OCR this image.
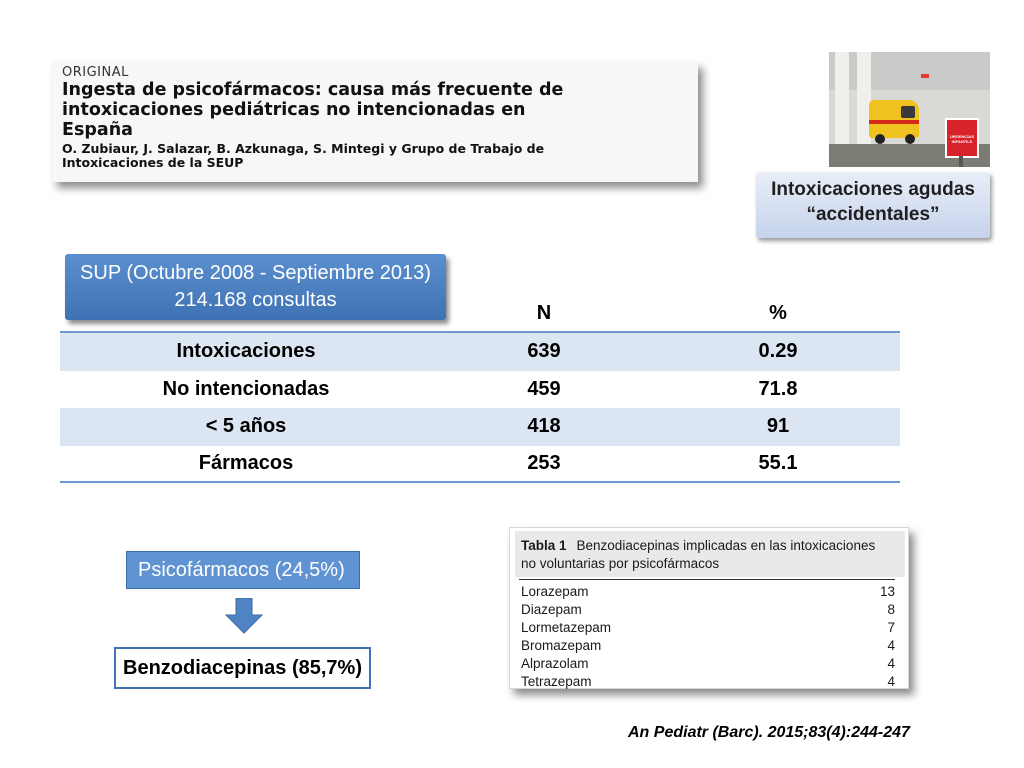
ORIGINAL
Ingesta de psicofármacos: causa más frecuente de
intoxicaciones pediátricas no intencionadas en
España
O. Zubiaur, J. Salazar, B. Azkunaga, S. Mintegi y Grupo de Trabajo de
Intoxicaciones de la SEUP
URGENCIAS INFANTILS
Intoxicaciones agudas
“accidentales”
N	%
Intoxicaciones	639	0.29
No intencionadas	459	71.8
< 5 años	418	91
Fármacos	253	55.1
SUP (Octubre 2008 - Septiembre 2013)
214.168 consultas
Psicofármacos (24,5%)
Benzodiacepinas (85,7%)
Tabla 1 Benzodiacepinas implicadas en las intoxicaciones
no voluntarias por psicofármacos
Lorazepam	13
Diazepam	8
Lormetazepam	7
Bromazepam	4
Alprazolam	4
Tetrazepam	4
An Pediatr (Barc). 2015;83(4):244-247
